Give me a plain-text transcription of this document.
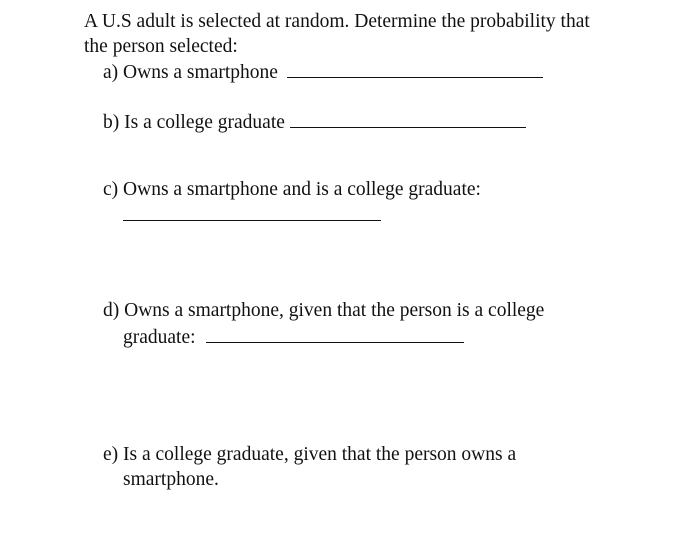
A U.S adult is selected at random. Determine the probability that
the person selected:
a) Owns a smartphone
b) Is a college graduate
c) Owns a smartphone and is a college graduate:
d) Owns a smartphone, given that the person is a college
graduate:
e) Is a college graduate, given that the person owns a
smartphone.
